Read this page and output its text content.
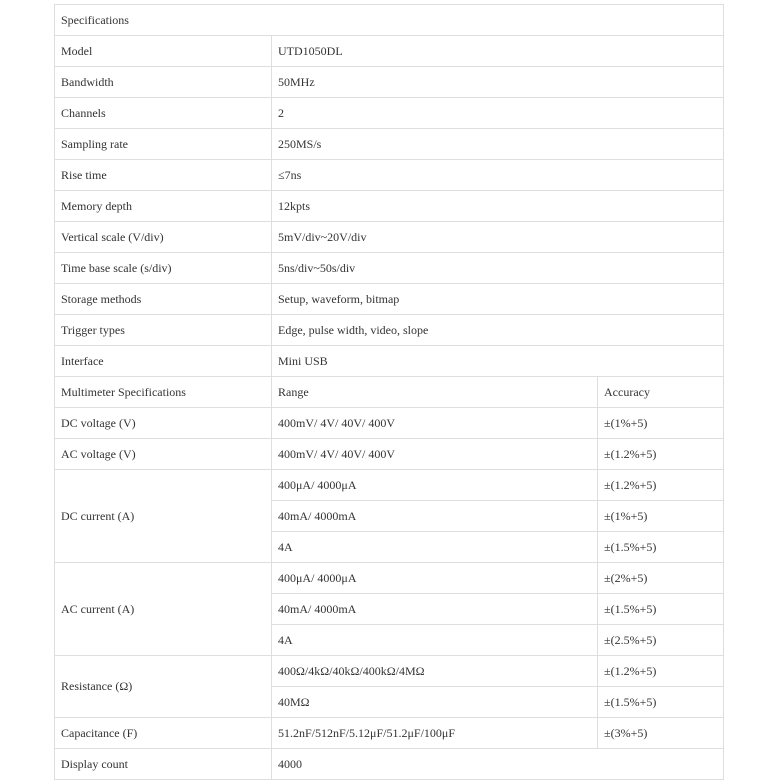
Specifications		
Model	UTD1050DL	
Bandwidth	50MHz	
Channels	2	
Sampling rate	250MS/s	
Rise time	≤7ns	
Memory depth	12kpts	
Vertical scale (V/div)	5mV/div~20V/div	
Time base scale (s/div)	5ns/div~50s/div	
Storage methods	Setup, waveform, bitmap	
Trigger types	Edge, pulse width, video, slope	
Interface	Mini USB	
Multimeter Specifications	Range	Accuracy
DC voltage (V)	400mV/ 4V/ 40V/ 400V	±(1%+5)
AC voltage (V)	400mV/ 4V/ 40V/ 400V	±(1.2%+5)
DC current (A)	400μA/ 4000μA	±(1.2%+5)
	40mA/ 4000mA	±(1%+5)
	4A	±(1.5%+5)
AC current (A)	400μA/ 4000μA	±(2%+5)
	40mA/ 4000mA	±(1.5%+5)
	4A	±(2.5%+5)
Resistance (Ω)	400Ω/4kΩ/40kΩ/400kΩ/4MΩ	±(1.2%+5)
	40MΩ	±(1.5%+5)
Capacitance (F)	51.2nF/512nF/5.12μF/51.2μF/100μF	±(3%+5)
Display count	4000	
